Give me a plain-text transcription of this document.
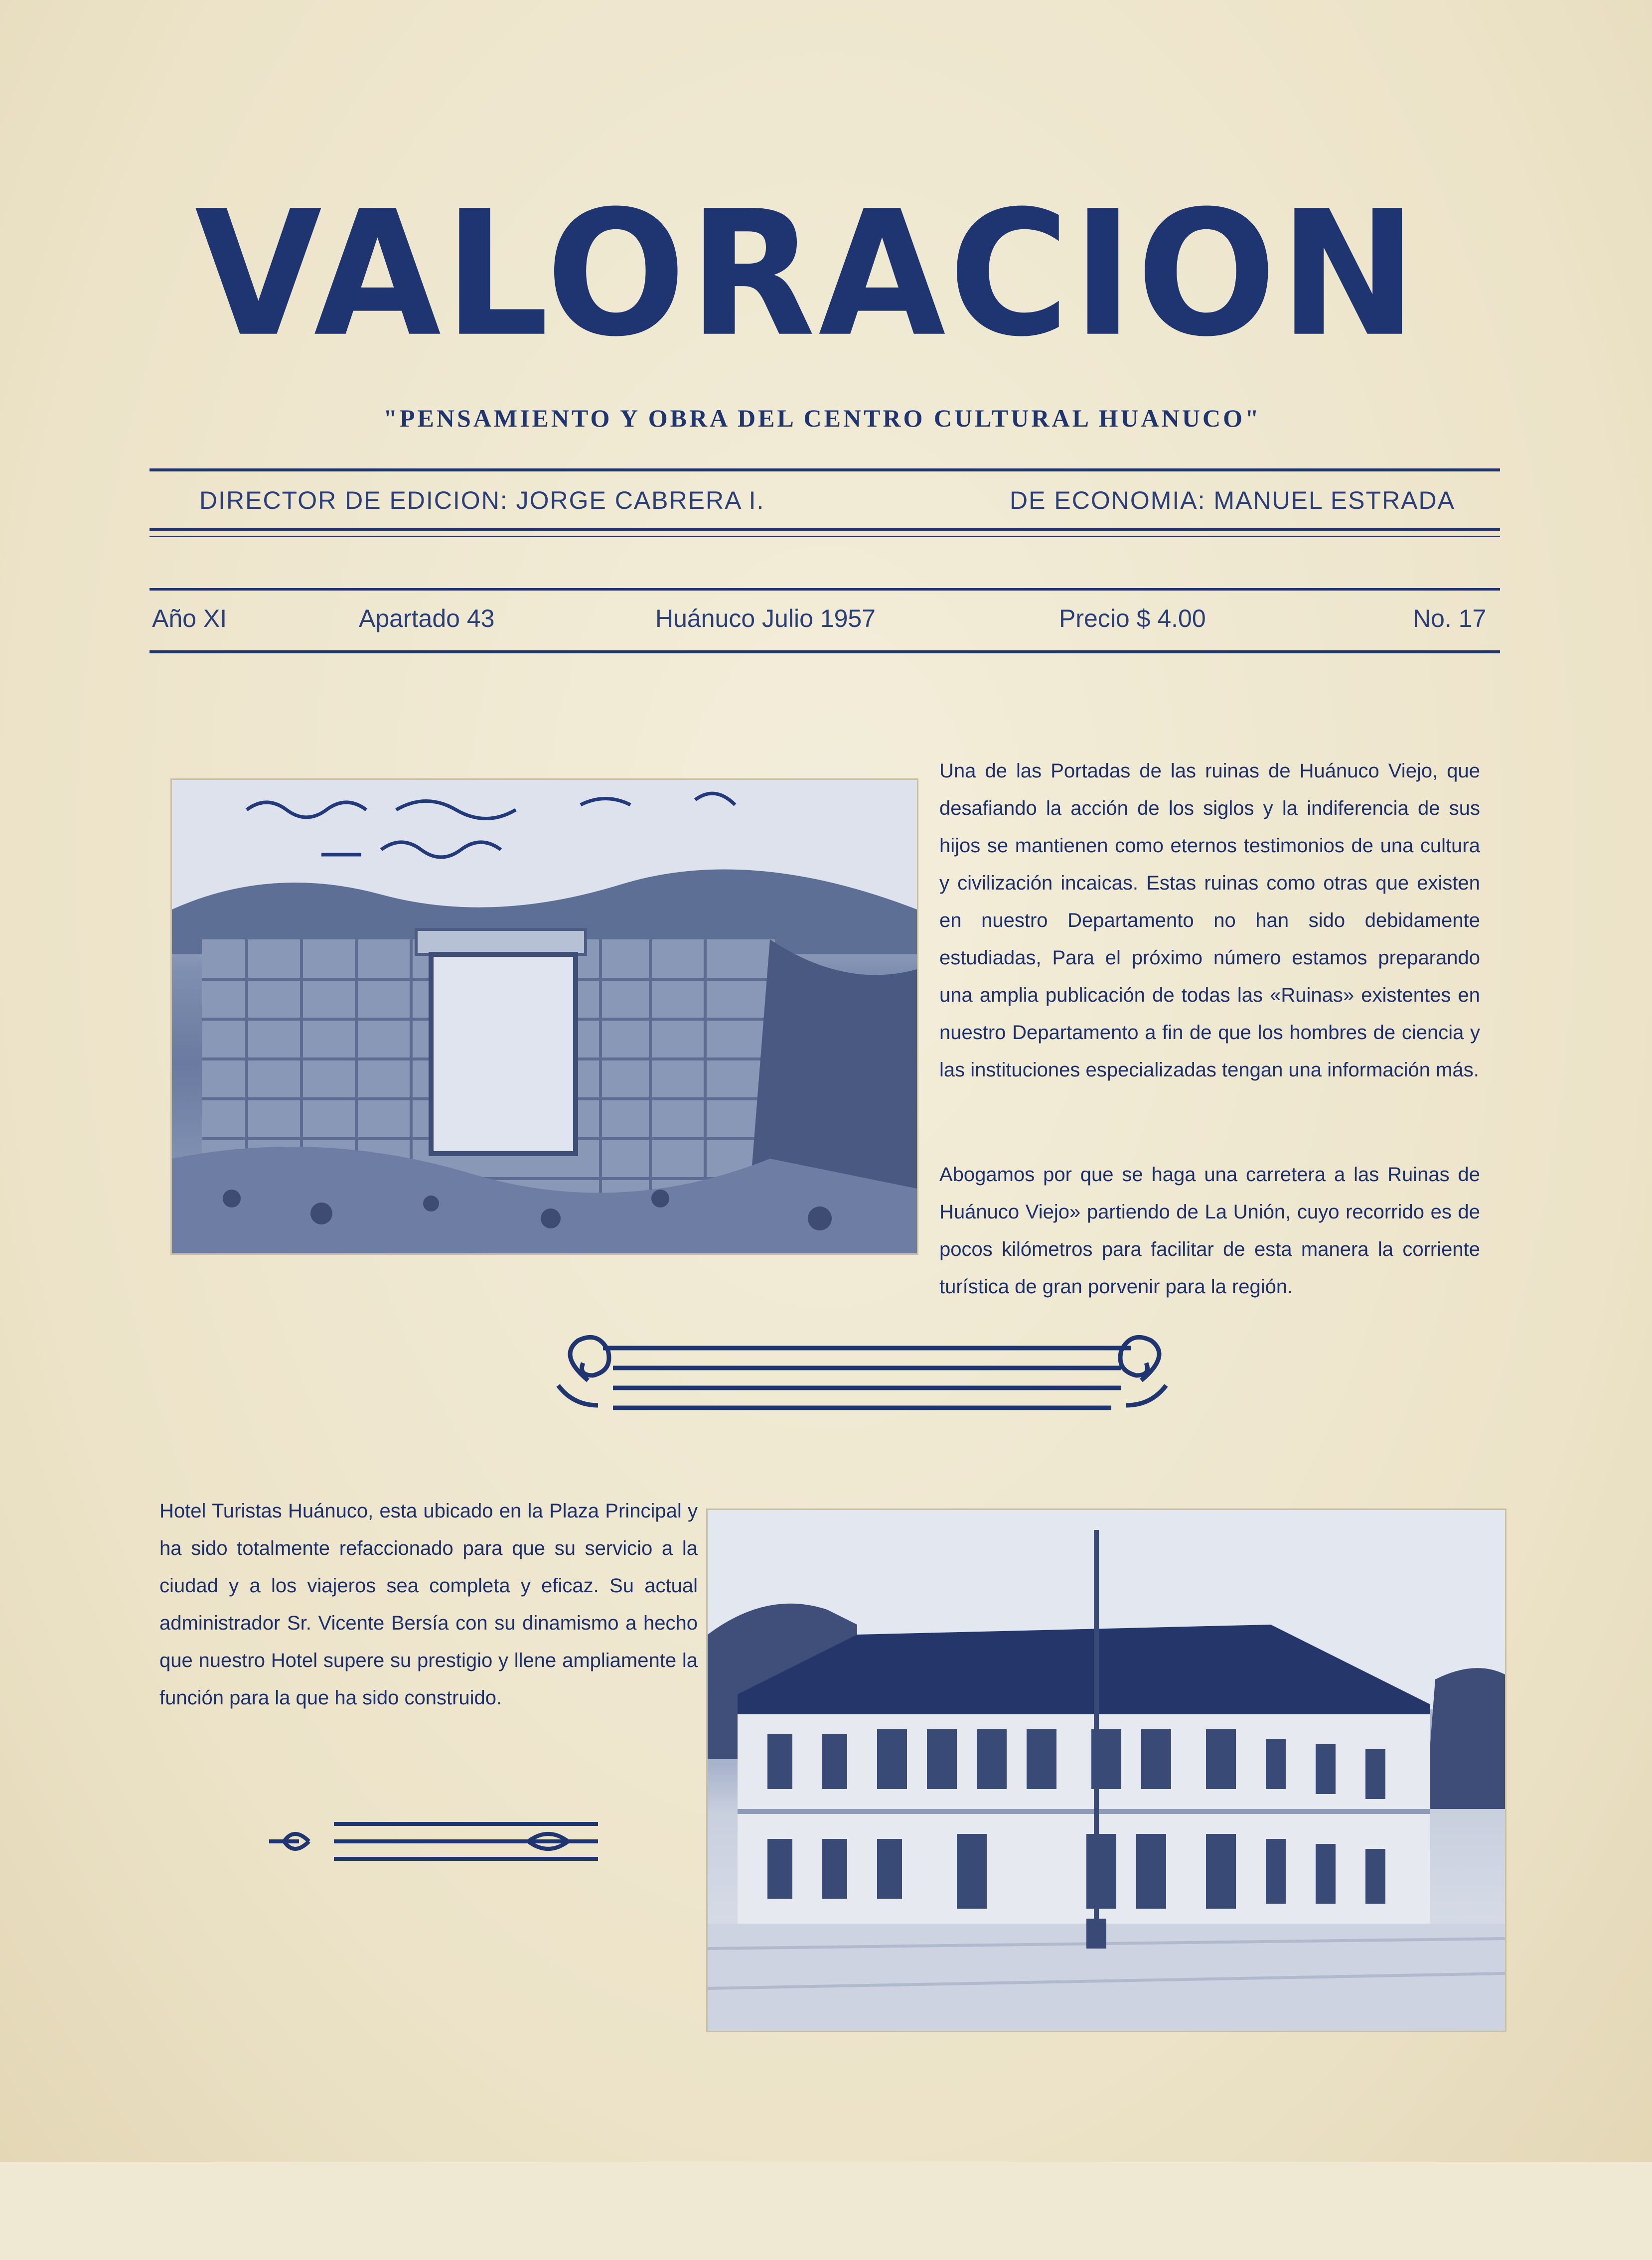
VALORACION
"PENSAMIENTO Y OBRA DEL CENTRO CULTURAL HUANUCO"
DIRECTOR DE EDICION: JORGE CABRERA I.	DE ECONOMIA: MANUEL ESTRADA
Año XI	Apartado 43	Huánuco Julio 1957	Precio $ 4.00	No. 17
Una de las Portadas de las ruinas de Huánuco Viejo, que desafiando la acción de los siglos y la indiferencia de sus hijos se mantienen como eternos testimonios de una cultura y civilización incaicas. Estas ruinas como otras que existen en nuestro Departamento no han sido debidamente estudiadas, Para el próximo número estamos preparando una amplia publicación de todas las «Ruinas» existentes en nuestro Departamento a fin de que los hombres de ciencia y las instituciones especializadas tengan una información más.
Abogamos por que se haga una carretera a las Ruinas de Huánuco Viejo» partiendo de La Unión, cuyo recorrido es de pocos kilómetros para facilitar de esta manera la corriente turística de gran porvenir para la región.
Hotel Turistas Huánuco, esta ubicado en la Plaza Principal y ha sido totalmente refaccionado para que su servicio a la ciudad y a los viajeros sea completa y eficaz. Su actual administrador Sr. Vicente Bersía con su dinamismo a hecho que nuestro Hotel supere su prestigio y llene ampliamente la función para la que ha sido construido.
